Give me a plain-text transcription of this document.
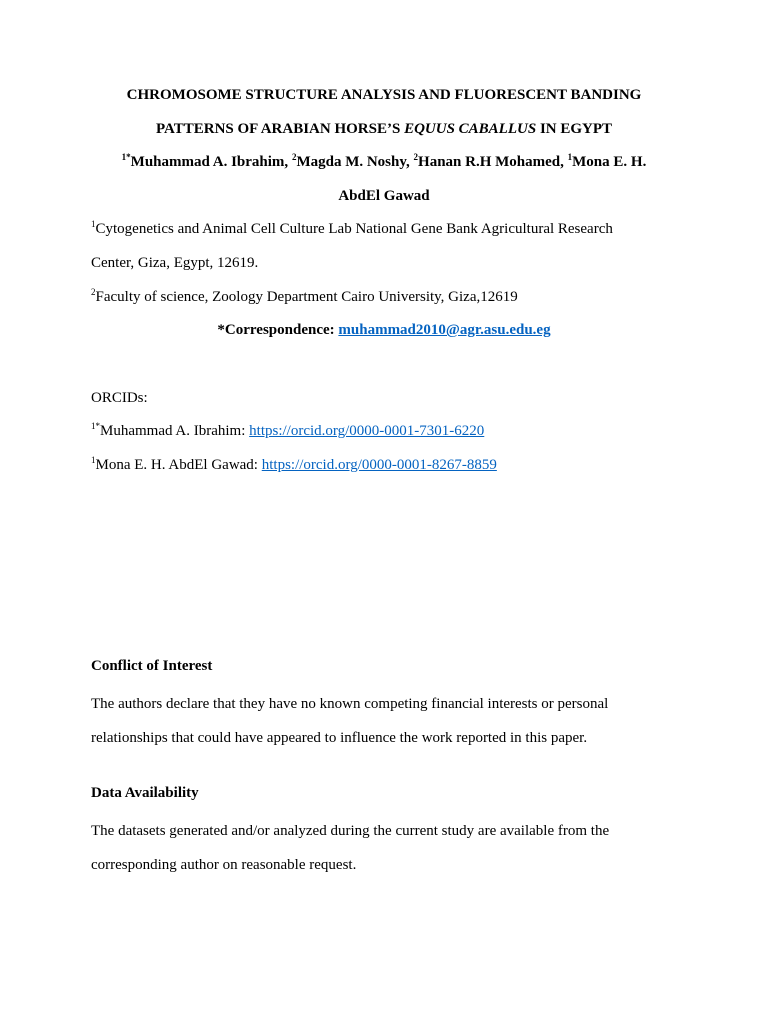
CHROMOSOME STRUCTURE ANALYSIS AND FLUORESCENT BANDING
PATTERNS OF ARABIAN HORSE’S EQUUS CABALLUS IN EGYPT
$^{1*}$Muhammad A. Ibrahim, $^2$Magda M. Noshy, $^2$Hanan R.H Mohamed, $^1$Mona E. H.
AbdEl Gawad
$^1$Cytogenetics and Animal Cell Culture Lab National Gene Bank Agricultural Research
Center, Giza, Egypt, 12619.
$^2$Faculty of science, Zoology Department Cairo University, Giza,12619
*Correspondence: muhammad2010@agr.asu.edu.eg
ORCIDs:
$^{1*}$Muhammad A. Ibrahim: https://orcid.org/0000-0001-7301-6220
$^1$Mona E. H. AbdEl Gawad: https://orcid.org/0000-0001-8267-8859
Conflict of Interest
The authors declare that they have no known competing financial interests or personal
relationships that could have appeared to influence the work reported in this paper.
Data Availability
The datasets generated and/or analyzed during the current study are available from the
corresponding author on reasonable request.
